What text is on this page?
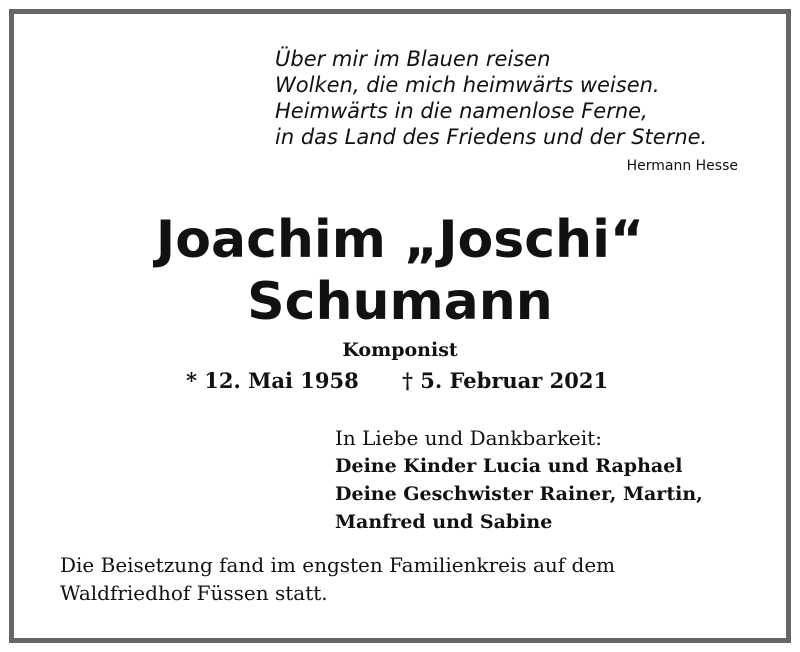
Über mir im Blauen reisen
Wolken, die mich heimwärts weisen.
Heimwärts in die namenlose Ferne,
in das Land des Friedens und der Sterne.
Hermann Hesse
Joachim „Joschi“
Schumann
Komponist
* 12. Mai 1958 † 5. Februar 2021
In Liebe und Dankbarkeit:
Deine Kinder Lucia und Raphael
Deine Geschwister Rainer, Martin,
Manfred und Sabine
Die Beisetzung fand im engsten Familienkreis auf dem
Waldfriedhof Füssen statt.
